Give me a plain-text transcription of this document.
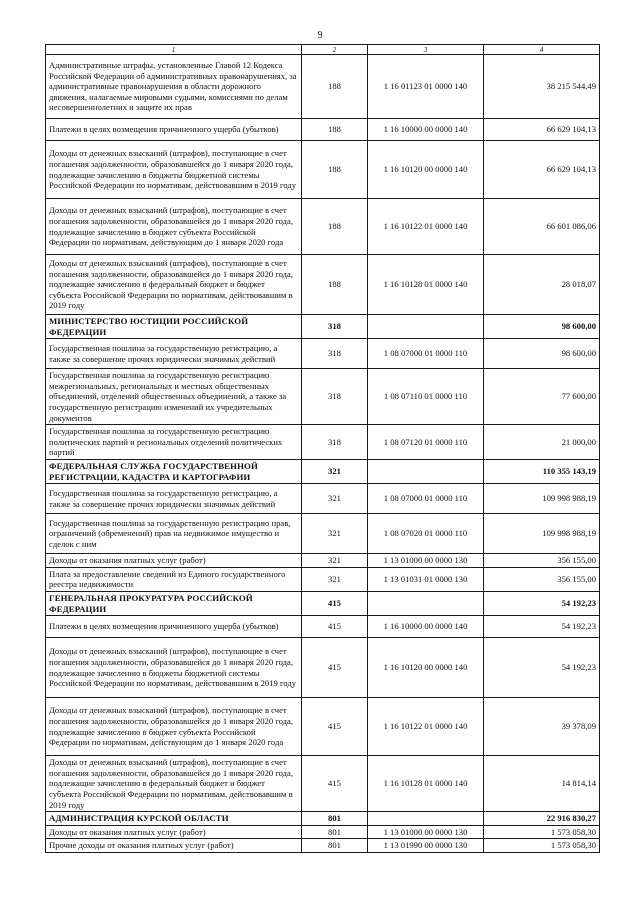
9
1	2	3	4
Административные штрафы, установленные Главой 12 Кодекса Российской Федерации об административных правонарушениях, за административные правонарушения в области дорожного движения, налагаемые мировыми судьями, комиссиями по делам несовершеннолетних и защите их прав	188	1 16 01123 01 0000 140	38 215 544,49
Платежи в целях возмещения причиненного ущерба (убытков)	188	1 16 10000 00 0000 140	66 629 104,13
Доходы от денежных взысканий (штрафов), поступающие в счет погашения задолженности, образовавшейся до 1 января 2020 года, подлежащие зачислению в бюджеты бюджетной системы Российской Федерации по нормативам, действовавшим в 2019 году	188	1 16 10120 00 0000 140	66 629 104,13
Доходы от денежных взысканий (штрафов), поступающие в счет погашения задолженности, образовавшейся до 1 января 2020 года, подлежащие зачислению в бюджет субъекта Российской Федерации по нормативам, действующим до 1 января 2020 года	188	1 16 10122 01 0000 140	66 601 086,06
Доходы от денежных взысканий (штрафов), поступающие в счет погашения задолженности, образовавшейся до 1 января 2020 года, подлежащие зачислению в федеральный бюджет и бюджет субъекта Российской Федерации по нормативам, действовавшим в 2019 году	188	1 16 10128 01 0000 140	28 018,07
МИНИСТЕРСТВО ЮСТИЦИИ РОССИЙСКОЙ ФЕДЕРАЦИИ	318		98 600,00
Государственная пошлина за государственную регистрацию, а также за совершение прочих юридически значимых действий	318	1 08 07000 01 0000 110	98 600,00
Государственная пошлина за государственную регистрацию межрегиональных, региональных и местных общественных объединений, отделений общественных объединений, а также за государственную регистрацию изменений их учредительных документов	318	1 08 07110 01 0000 110	77 600,00
Государственная пошлина за государственную регистрацию политических партий и региональных отделений политических партий	318	1 08 07120 01 0000 110	21 000,00
ФЕДЕРАЛЬНАЯ СЛУЖБА ГОСУДАРСТВЕННОЙ РЕГИСТРАЦИИ, КАДАСТРА И КАРТОГРАФИИ	321		110 355 143,19
Государственная пошлина за государственную регистрацию, а также за совершение прочих юридически значимых действий	321	1 08 07000 01 0000 110	109 998 988,19
Государственная пошлина за государственную регистрацию прав, ограничений (обременений) прав на недвижимое имущество и сделок с ним	321	1 08 07020 01 0000 110	109 998 988,19
Доходы от оказания платных услуг (работ)	321	1 13 01000 00 0000 130	356 155,00
Плата за предоставление сведений из Единого государственного реестра недвижимости	321	1 13 01031 01 0000 130	356 155,00
ГЕНЕРАЛЬНАЯ ПРОКУРАТУРА РОССИЙСКОЙ ФЕДЕРАЦИИ	415		54 192,23
Платежи в целях возмещения причиненного ущерба (убытков)	415	1 16 10000 00 0000 140	54 192,23
Доходы от денежных взысканий (штрафов), поступающие в счет погашения задолженности, образовавшейся до 1 января 2020 года, подлежащие зачислению в бюджеты бюджетной системы Российской Федерации по нормативам, действовавшим в 2019 году	415	1 16 10120 00 0000 140	54 192,23
Доходы от денежных взысканий (штрафов), поступающие в счет погашения задолженности, образовавшейся до 1 января 2020 года, подлежащие зачислению в бюджет субъекта Российской Федерации по нормативам, действующим до 1 января 2020 года	415	1 16 10122 01 0000 140	39 378,09
Доходы от денежных взысканий (штрафов), поступающие в счет погашения задолженности, образовавшейся до 1 января 2020 года, подлежащие зачислению в федеральный бюджет и бюджет субъекта Российской Федерации по нормативам, действовавшим в 2019 году	415	1 16 10128 01 0000 140	14 814,14
АДМИНИСТРАЦИЯ КУРСКОЙ ОБЛАСТИ	801		22 916 830,27
Доходы от оказания платных услуг (работ)	801	1 13 01000 00 0000 130	1 573 058,30
Прочие доходы от оказания платных услуг (работ)	801	1 13 01990 00 0000 130	1 573 058,30
